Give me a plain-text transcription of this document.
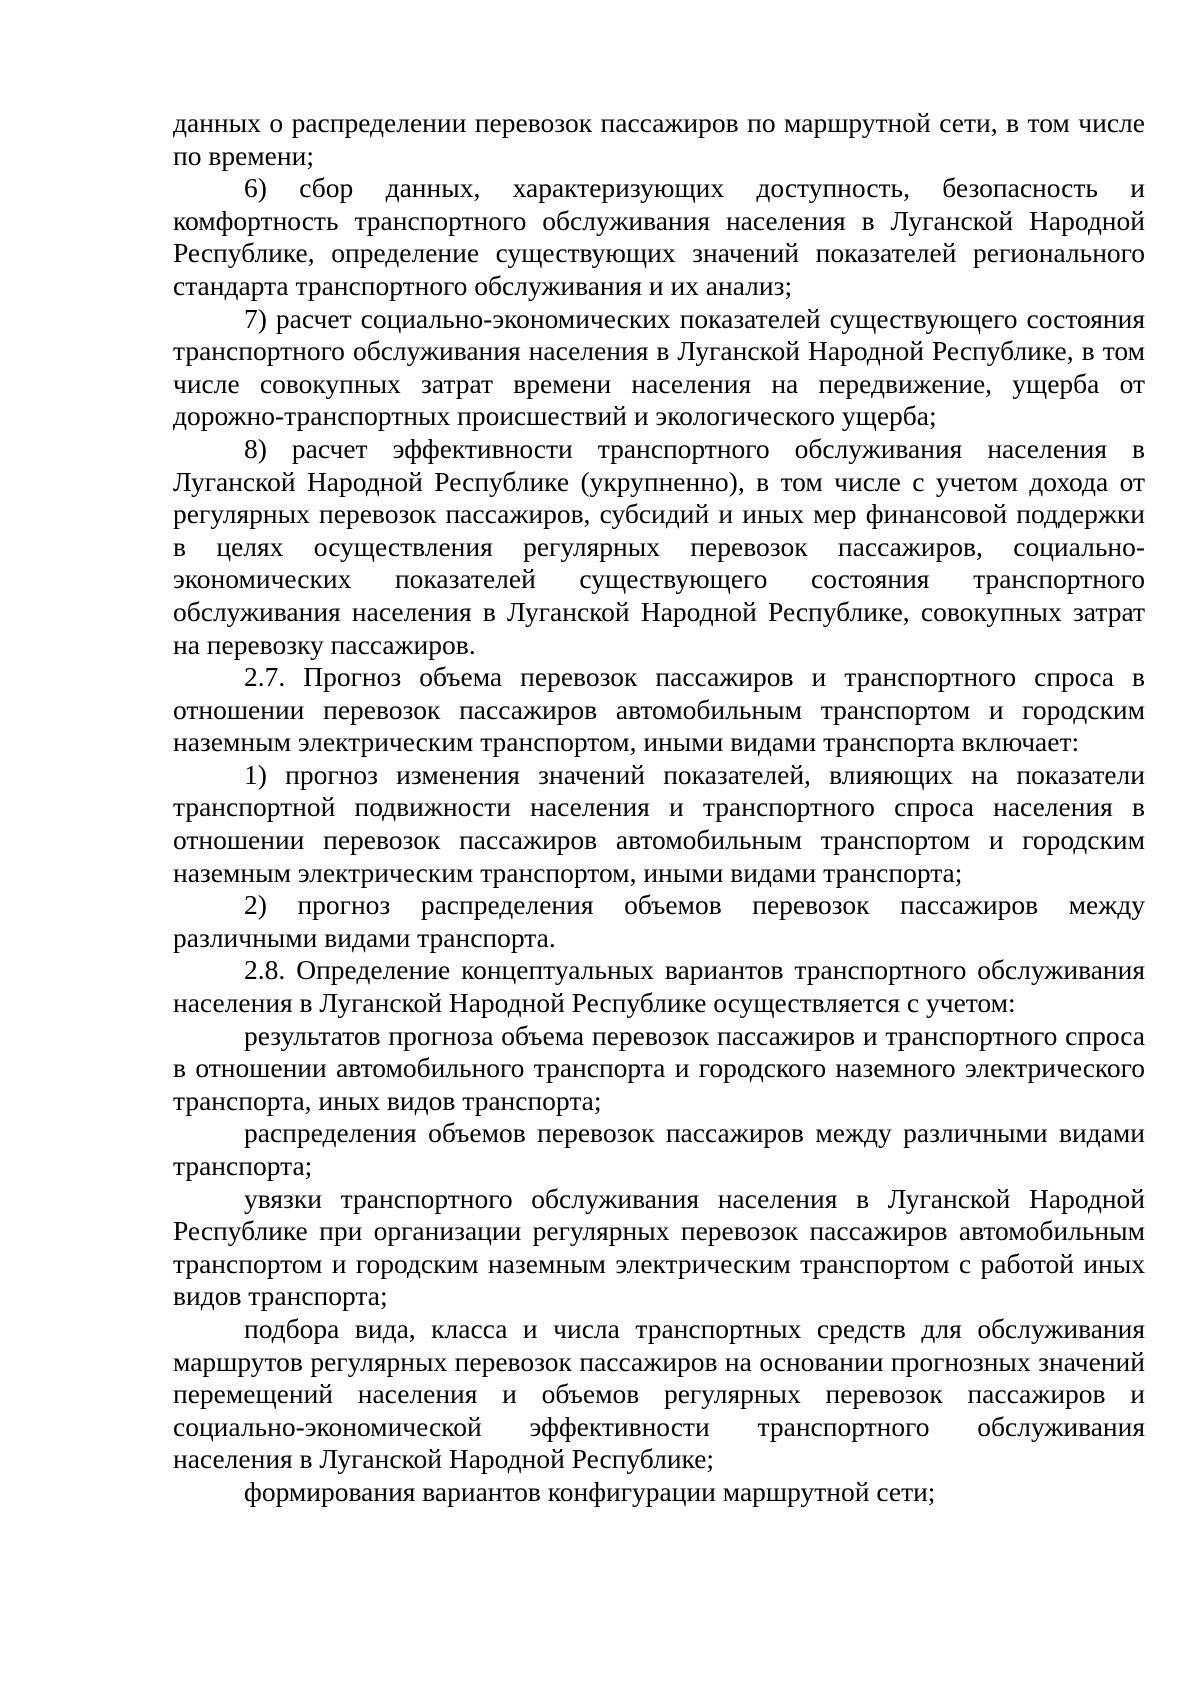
данных о распределении перевозок пассажиров по маршрутной сети, в том числе по времени;

6) сбор данных, характеризующих доступность, безопасность и комфортность транспортного обслуживания населения в Луганской Народной Республике, определение существующих значений показателей регионального стандарта транспортного обслуживания и их анализ;

7) расчет социально-экономических показателей существующего состояния транспортного обслуживания населения в Луганской Народной Республике, в том числе совокупных затрат времени населения на передвижение, ущерба от дорожно-транспортных происшествий и экологического ущерба;

8) расчет эффективности транспортного обслуживания населения в Луганской Народной Республике (укрупненно), в том числе с учетом дохода от регулярных перевозок пассажиров, субсидий и иных мер финансовой поддержки в целях осуществления регулярных перевозок пассажиров, социально-экономических показателей существующего состояния транспортного обслуживания населения в Луганской Народной Республике, совокупных затрат на перевозку пассажиров.

2.7. Прогноз объема перевозок пассажиров и транспортного спроса в отношении перевозок пассажиров автомобильным транспортом и городским наземным электрическим транспортом, иными видами транспорта включает:

1) прогноз изменения значений показателей, влияющих на показатели транспортной подвижности населения и транспортного спроса населения в отношении перевозок пассажиров автомобильным транспортом и городским наземным электрическим транспортом, иными видами транспорта;

2) прогноз распределения объемов перевозок пассажиров между различными видами транспорта.

2.8. Определение концептуальных вариантов транспортного обслуживания населения в Луганской Народной Республике осуществляется с учетом:

результатов прогноза объема перевозок пассажиров и транспортного спроса в отношении автомобильного транспорта и городского наземного электрического транспорта, иных видов транспорта;

распределения объемов перевозок пассажиров между различными видами транспорта;

увязки транспортного обслуживания населения в Луганской Народной Республике при организации регулярных перевозок пассажиров автомобильным транспортом и городским наземным электрическим транспортом с работой иных видов транспорта;

подбора вида, класса и числа транспортных средств для обслуживания маршрутов регулярных перевозок пассажиров на основании прогнозных значений перемещений населения и объемов регулярных перевозок пассажиров и социально-экономической эффективности транспортного обслуживания населения в Луганской Народной Республике;

формирования вариантов конфигурации маршрутной сети;
